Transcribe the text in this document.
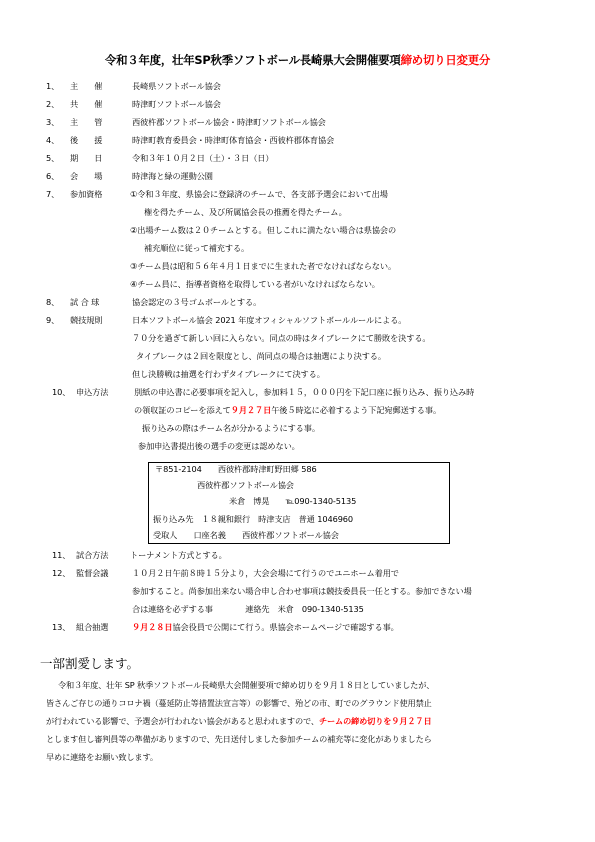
令和３年度，壮年SP秋季ソフトボール長崎県大会開催要項締め切り日変更分
1、 主　　催	長崎県ソフトボール協会
2、 共　　催	時津町ソフトボール協会
3、 主　　管	西彼杵郡ソフトボール協会・時津町ソフトボール協会
4、 後　　援	時津町教育委員会・時津町体育協会・西彼杵郡体育協会
5、 期　　日	令和３年１０月２日（土）・３日（日）
6、 会　　場	時津海と緑の運動公園
7、 参加資格	①令和３年度、県協会に登録済のチームで、各支部予選会において出場
権を得たチーム、及び所属協会長の推薦を得たチーム。
②出場チーム数は２０チームとする。但しこれに満たない場合は県協会の
補充順位に従って補充する。
③チーム員は昭和５６年４月１日までに生まれた者でなければならない。
④チーム員に、指導者資格を取得している者がいなければならない。
8、 試 合 球	協会認定の３号ゴムボールとする。
9、 競技規則	日本ソフトボール協会 2021 年度オフィシャルソフトボールルールによる。
７０分を過ぎて新しい回に入らない。同点の時はタイブレークにて勝敗を決する。
タイブレークは２回を限度とし、尚同点の場合は抽選により決する。
但し決勝戦は抽選を行わずタイブレークにて決する。
10、 申込方法	別紙の申込書に必要事項を記入し，参加料１５，０００円を下記口座に振り込み、振り込み時
の領収証のコピーを添えて９月２７日午後５時迄に必着するよう下記宛郵送する事。
振り込みの際はチーム名が分かるようにする事。
参加申込書提出後の選手の変更は認めない。
〒851-2104　　西彼杵郡時津町野田郷 586
西彼杵郡ソフトボール協会
米倉　博晃　　℡090-1340-5135
振り込み先　１８親和銀行　時津支店　普通 1046960
受取人　　口座名義　　西彼杵郡ソフトボール協会
11、 試合方法	トーナメント方式とする。
12、 監督会議	１０月２日午前８時１５分より，大会会場にて行うのでユニホーム着用で
参加すること。尚参加出来ない場合申し合わせ事項は競技委員長一任とする。参加できない場
合は連絡を必ずする事　　　　連絡先　米倉　090-1340-5135
13、 組合抽選	９月２８日協会役員で公開にて行う。県協会ホームページで確認する事。
一部割愛します。
令和３年度、壮年 SP 秋季ソフトボール長崎県大会開催要項で締め切りを９月１８日としていましたが、
皆さんご存じの通りコロナ禍（蔓延防止等措置法宣言等）の影響で、殆どの市、町でのグラウンド使用禁止
が行われている影響で、予選会が行われない協会があると思われますので、チームの締め切りを９月２７日
とします但し審判員等の準備がありますので、先日送付しました参加チームの補充等に変化がありましたら
早めに連絡をお願い致します。
